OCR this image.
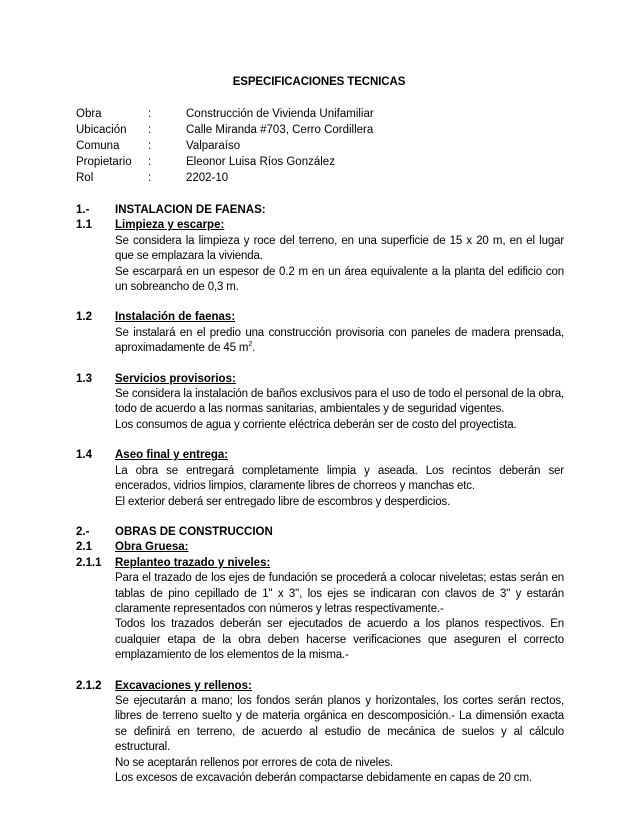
ESPECIFICACIONES TECNICAS
Obra	:	Construcción de Vivienda Unifamiliar
Ubicación	:	Calle Miranda #703, Cerro Cordillera
Comuna	:	Valparaíso
Propietario	:	Eleonor Luisa Ríos González
Rol	:	2202-10
1.-	INSTALACION DE FAENAS:
1.1	Limpieza y escarpe:
Se considera la limpieza y roce del terreno, en una superficie de 15 x 20 m, en el lugar que se emplazara la vivienda.
Se escarpará en un espesor de 0.2 m en un área equivalente a la planta del edificio con un sobreancho de 0,3 m.
1.2	Instalación de faenas:
Se instalará en el predio una construcción provisoria con paneles de madera prensada, aproximadamente de 45 $m^2$.
1.3	Servicios provisorios:
Se considera la instalación de baños exclusivos para el uso de todo el personal de la obra, todo de acuerdo a las normas sanitarias, ambientales y de seguridad vigentes.
Los consumos de agua y corriente eléctrica deberán ser de costo del proyectista.
1.4	Aseo final y entrega:
La obra se entregará completamente limpia y aseada. Los recintos deberán ser encerados, vidrios limpios, claramente libres de chorreos y manchas etc.
El exterior deberá ser entregado libre de escombros y desperdicios.
2.-	OBRAS DE CONSTRUCCION
2.1	Obra Gruesa:
2.1.1	Replanteo trazado y niveles:
Para el trazado de los ejes de fundación se procederá a colocar niveletas; estas serán en tablas de pino cepillado de 1" x 3", los ejes se indicaran con clavos de 3" y estarán claramente representados con números y letras respectivamente.-
Todos los trazados deberán ser ejecutados de acuerdo a los planos respectivos. En cualquier etapa de la obra deben hacerse verificaciones que aseguren el correcto emplazamiento de los elementos de la misma.-
2.1.2	Excavaciones y rellenos:
Se ejecutarán a mano; los fondos serán planos y horizontales, los cortes serán rectos, libres de terreno suelto y de materia orgánica en descomposición.- La dimensión exacta se definirá en terreno, de acuerdo al estudio de mecánica de suelos y al cálculo estructural.
No se aceptarán rellenos por errores de cota de niveles.
Los excesos de excavación deberán compactarse debidamente en capas de 20 cm.
